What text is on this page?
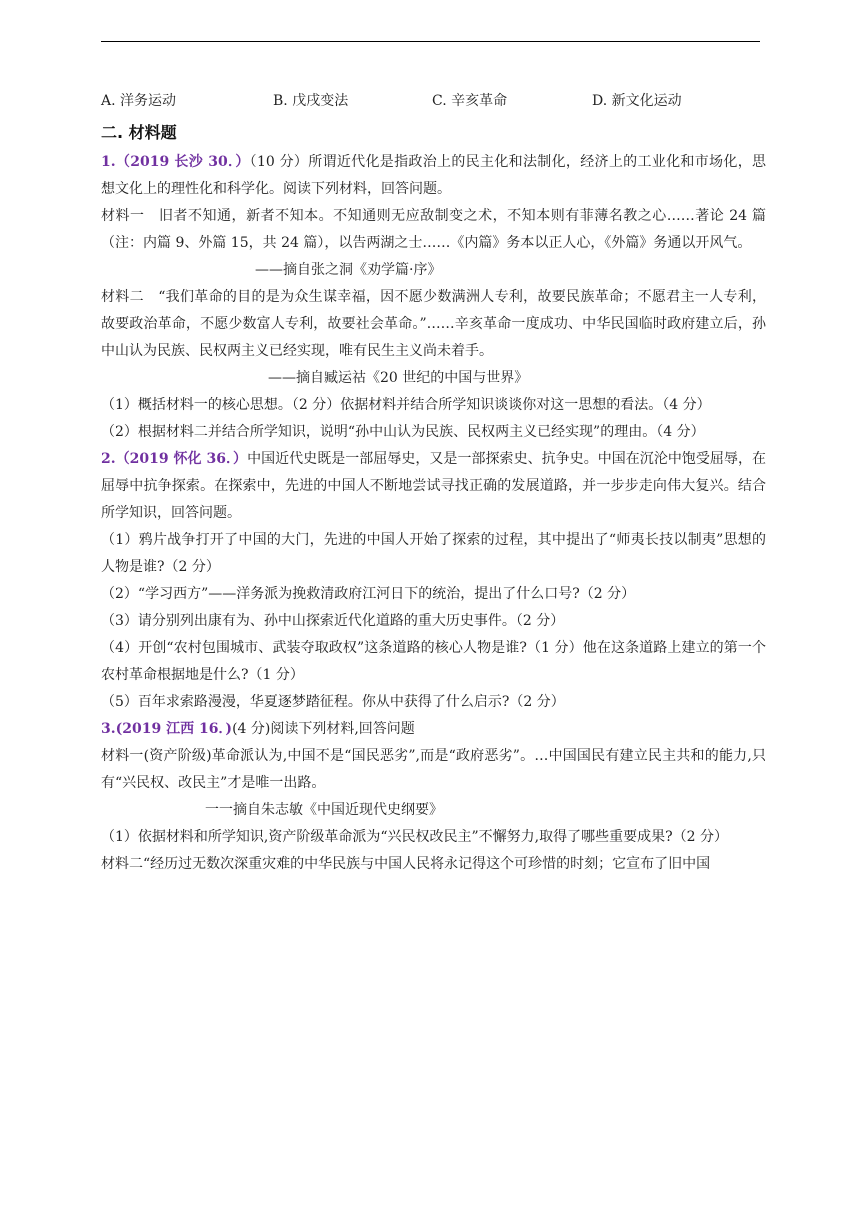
A. 洋务运动	B. 戊戌变法	C. 辛亥革命	D. 新文化运动
二. 材料题

1.（2019 长沙 30．）（10 分）所谓近代化是指政治上的民主化和法制化，经济上的工业化和市场化，思想文化上的理性化和科学化。阅读下列材料，回答问题。

材料一　旧者不知通，新者不知本。不知通则无应敌制变之术，不知本则有菲薄名教之心……著论 24 篇（注：内篇 9、外篇 15，共 24 篇），以告两湖之士……《内篇》务本以正人心，《外篇》务通以开风气。

——摘自张之洞《劝学篇·序》

材料二　“我们革命的目的是为众生谋幸福，因不愿少数满洲人专利，故要民族革命；不愿君主一人专利，故要政治革命，不愿少数富人专利，故要社会革命。”……辛亥革命一度成功、中华民国临时政府建立后，孙中山认为民族、民权两主义已经实现，唯有民生主义尚未着手。

——摘自臧运祜《20 世纪的中国与世界》

（1）概括材料一的核心思想。（2 分）依据材料并结合所学知识谈谈你对这一思想的看法。（4 分）

（2）根据材料二并结合所学知识，说明“孙中山认为民族、民权两主义已经实现”的理由。（4 分）

2.（2019 怀化 36．）中国近代史既是一部屈辱史，又是一部探索史、抗争史。中国在沉沦中饱受屈辱，在屈辱中抗争探索。在探索中，先进的中国人不断地尝试寻找正确的发展道路，并一步步走向伟大复兴。结合所学知识，回答问题。

（1）鸦片战争打开了中国的大门，先进的中国人开始了探索的过程，其中提出了“师夷长技以制夷”思想的人物是谁?（2 分）

（2）“学习西方”——洋务派为挽救清政府江河日下的统治，提出了什么口号?（2 分）

（3）请分别列出康有为、孙中山探索近代化道路的重大历史事件。（2 分）

（4）开创“农村包围城市、武装夺取政权”这条道路的核心人物是谁?（1 分）他在这条道路上建立的第一个农村革命根据地是什么?（1 分）

（5）百年求索路漫漫，华夏逐梦踏征程。你从中获得了什么启示?（2 分）

3.(2019 江西 16．)(4 分)阅读下列材料,回答问题

材料一(资产阶级)革命派认为,中国不是“国民恶劣”,而是“政府恶劣”。…中国国民有建立民主共和的能力,只有“兴民权、改民主”才是唯一出路。

一一摘自朱志敏《中国近现代史纲要》

（1）依据材料和所学知识,资产阶级革命派为“兴民权改民主”不懈努力,取得了哪些重要成果?（2 分）

材料二“经历过无数次深重灾难的中华民族与中国人民将永记得这个可珍惜的时刻；它宣布了旧中国
